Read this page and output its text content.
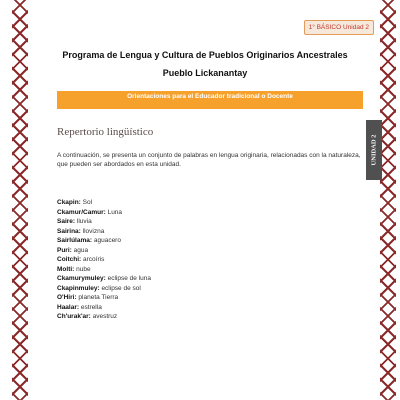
1° BÁSICO Unidad 2
Programa de Lengua y Cultura de Pueblos Originarios Ancestrales
Pueblo Lickanantay
Orientaciones para el Educador tradicional o Docente
Repertorio lingüístico
UNIDAD 2
A continuación, se presenta un conjunto de palabras en lengua originaria, relacionadas con la naturaleza, que pueden ser abordados en esta unidad.
Ckapin: Sol
Ckamur/Camur: Luna
Saire: lluvia
Sairina: llovizna
Sairlúlama: aguacero
Puri: agua
Coitchi: arcoíris
Molti: nube
Ckamurymuley: eclipse de luna
Ckapinmuley: eclipse de sol
O'Hiri: planeta Tierra
Haalar: estrella
Ch'urak'ar: avestruz
